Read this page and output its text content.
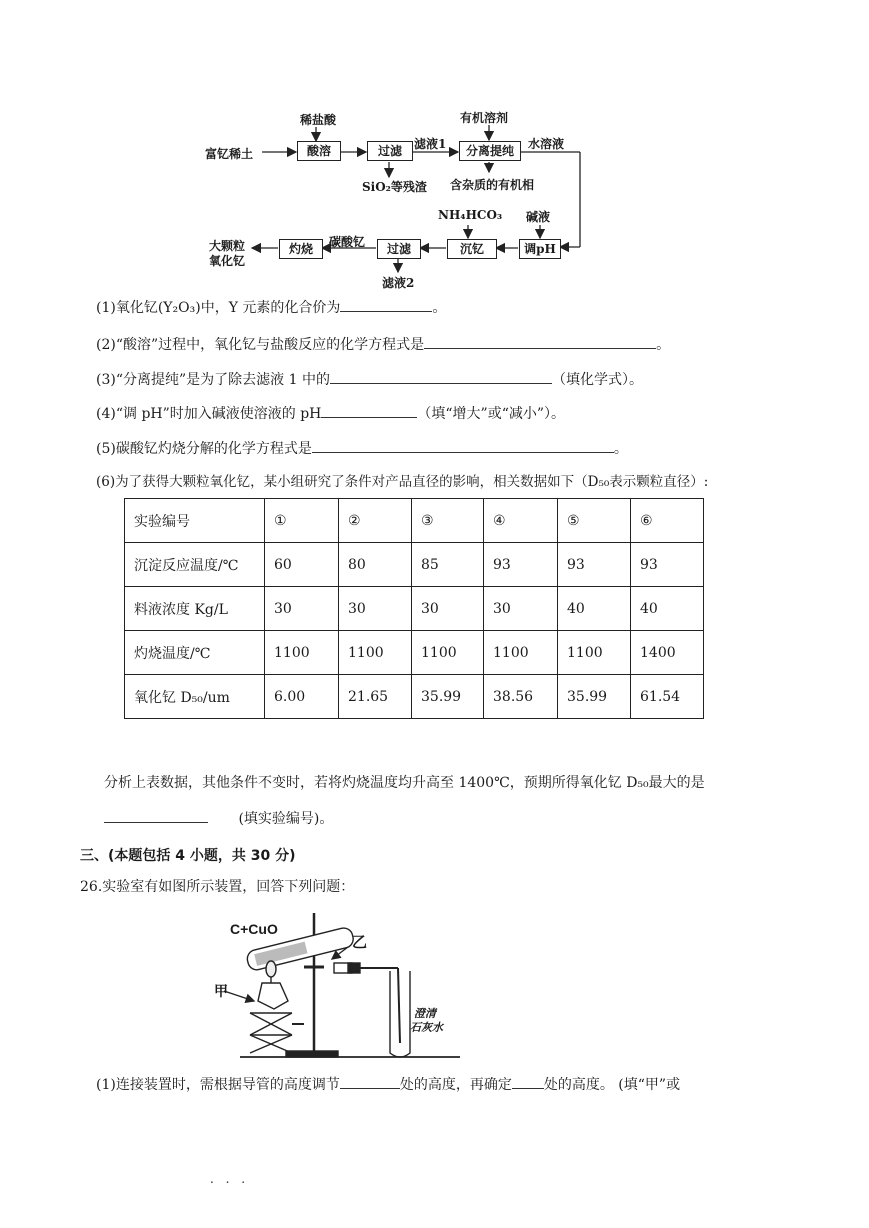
稀盐酸	有机溶剂
富钇稀土	酸溶	过滤	滤液1	分离提纯	水溶液
SiO₂等残渣 含杂质的有机相
NH₄HCO₃ 碱液
大颗粒
氧化钇
灼烧	碳酸钇	过滤	沉钇	调pH
滤液2
(1)氧化钇(Y₂O₃)中，Y 元素的化合价为	。
(2)“酸溶”过程中，氧化钇与盐酸反应的化学方程式是	。
(3)“分离提纯”是为了除去滤液 1 中的	（填化学式）。
(4)“调 pH”时加入碱液使溶液的 pH	（填“增大”或“减小”）。
(5)碳酸钇灼烧分解的化学方程式是	。
(6)为了获得大颗粒氧化钇，某小组研究了条件对产品直径的影响，相关数据如下（D₅₀表示颗粒直径）:
实验编号	①	②	③	④	⑤	⑥
沉淀反应温度/℃	60	80	85	93	93	93
料液浓度 Kg/L	30	30	30	30	40	40
灼烧温度/℃	1100	1100	1100	1100	1100	1400
氧化钇 D₅₀/um	6.00	21.65	35.99	38.56	35.99	61.54
分析上表数据，其他条件不变时，若将灼烧温度均升高至 1400℃，预期所得氧化钇 D₅₀最大的是
(填实验编号)。
三、(本题包括 4 小题，共 30 分)
26.实验室有如图所示装置，回答下列问题：
C+CuO
乙
甲
澄清
石灰水
(1)连接装置时，需根据导管的高度调节	处的高度，再确定 处的高度。 (填“甲”或
. . .
